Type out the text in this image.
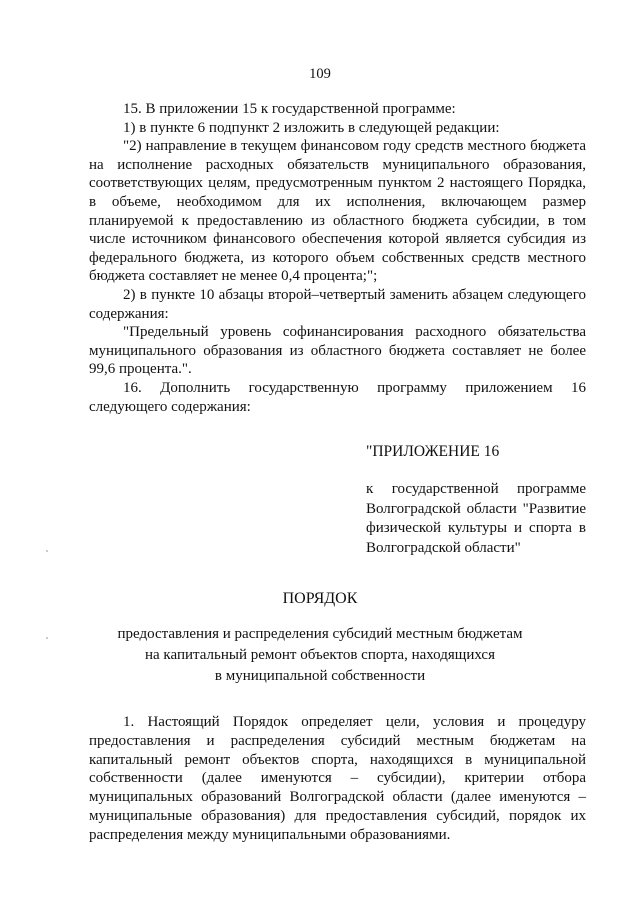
109

15. В приложении 15 к государственной программе:

1) в пункте 6 подпункт 2 изложить в следующей редакции:

"2) направление в текущем финансовом году средств местного бюджета на исполнение расходных обязательств муниципального образования, соответствующих целям, предусмотренным пунктом 2 настоящего Порядка, в объеме, необходимом для их исполнения, включающем размер планируемой к предоставлению из областного бюджета субсидии, в том числе источником финансового обеспечения которой является субсидия из федерального бюджета, из которого объем собственных средств местного бюджета составляет не менее 0,4 процента;";

2) в пункте 10 абзацы второй–четвертый заменить абзацем следующего содержания:

"Предельный уровень софинансирования расходного обязательства муниципального образования из областного бюджета составляет не более 99,6 процента.".

16. Дополнить государственную программу приложением 16 следующего содержания:

"ПРИЛОЖЕНИЕ 16

к государственной программе Волгоградской области "Развитие физической культуры и спорта в Волгоградской области"

ПОРЯДОК
предоставления и распределения субсидий местным бюджетам
на капитальный ремонт объектов спорта, находящихся
в муниципальной собственности

1. Настоящий Порядок определяет цели, условия и процедуру предоставления и распределения субсидий местным бюджетам на капитальный ремонт объектов спорта, находящихся в муниципальной собственности (далее именуются – субсидии), критерии отбора муниципальных образований Волгоградской области (далее именуются – муниципальные образования) для предоставления субсидий, порядок их распределения между муниципальными образованиями.
